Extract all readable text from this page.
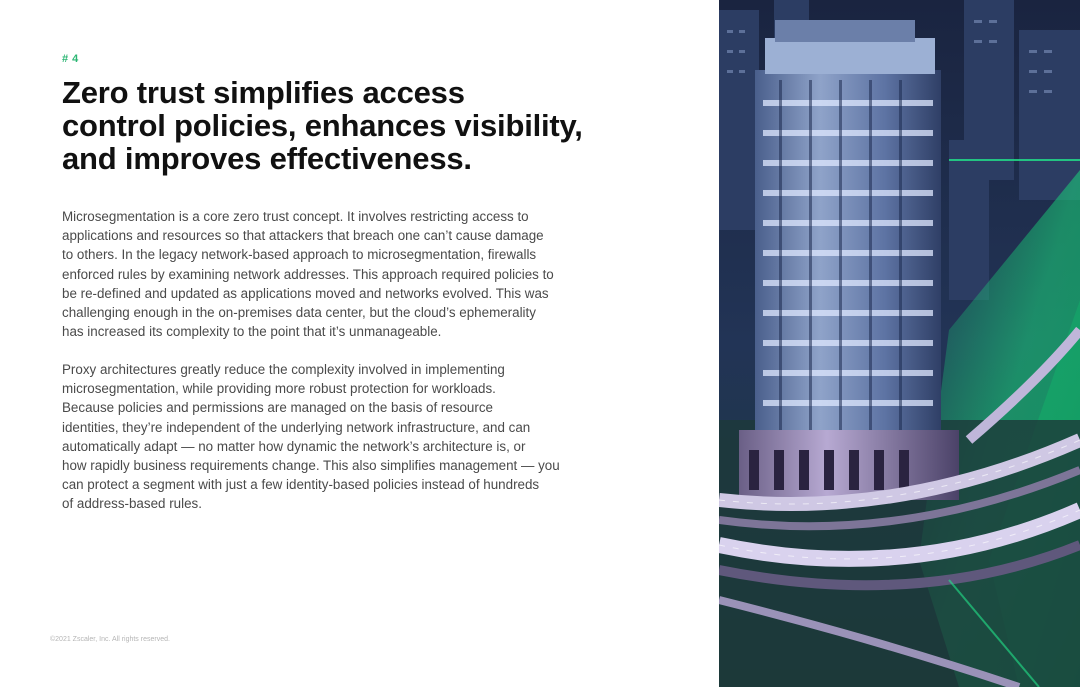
# 4
Zero trust simplifies access
control policies, enhances visibility,
and improves effectiveness.

Microsegmentation is a core zero trust concept. It involves restricting access to
applications and resources so that attackers that breach one can’t cause damage
to others. In the legacy network-based approach to microsegmentation, firewalls
enforced rules by examining network addresses. This approach required policies to
be re-defined and updated as applications moved and networks evolved. This was
challenging enough in the on-premises data center, but the cloud’s ephemerality
has increased its complexity to the point that it’s unmanageable.

Proxy architectures greatly reduce the complexity involved in implementing
microsegmentation, while providing more robust protection for workloads.
Because policies and permissions are managed on the basis of resource
identities, they’re independent of the underlying network infrastructure, and can
automatically adapt — no matter how dynamic the network’s architecture is, or
how rapidly business requirements change. This also simplifies management — you
can protect a segment with just a few identity-based policies instead of hundreds
of address-based rules.

©2021 Zscaler, Inc. All rights reserved.
